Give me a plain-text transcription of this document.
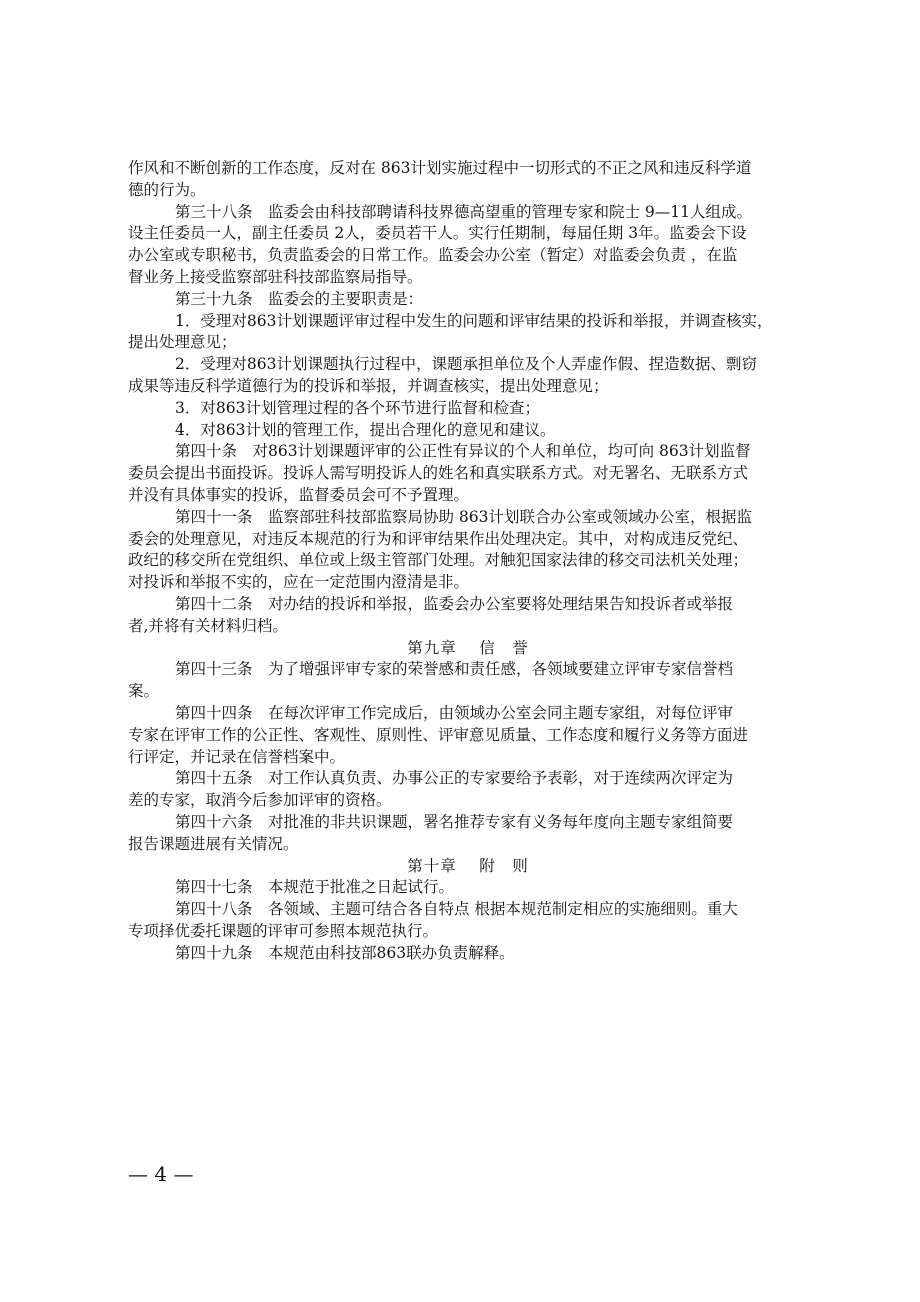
作风和不断创新的工作态度，反对在 863计划实施过程中一切形式的不正之风和违反科学道
德的行为。
第三十八条　监委会由科技部聘请科技界德高望重的管理专家和院士 9—11人组成。
设主任委员一人，副主任委员 2人，委员若干人。实行任期制，每届任期 3年。监委会下设
办公室或专职秘书，负责监委会的日常工作。监委会办公室（暂定）对监委会负责 ，在监
督业务上接受监察部驻科技部监察局指导。
第三十九条　监委会的主要职责是：
1．受理对863计划课题评审过程中发生的问题和评审结果的投诉和举报，并调查核实，
提出处理意见；
2．受理对863计划课题执行过程中，课题承担单位及个人弄虚作假、捏造数据、剽窃
成果等违反科学道德行为的投诉和举报，并调查核实，提出处理意见；
3．对863计划管理过程的各个环节进行监督和检查；
4．对863计划的管理工作，提出合理化的意见和建议。
第四十条　对863计划课题评审的公正性有异议的个人和单位，均可向 863计划监督
委员会提出书面投诉。投诉人需写明投诉人的姓名和真实联系方式。对无署名、无联系方式
并没有具体事实的投诉，监督委员会可不予置理。
第四十一条　监察部驻科技部监察局协助 863计划联合办公室或领域办公室，根据监
委会的处理意见，对违反本规范的行为和评审结果作出处理决定。其中，对构成违反党纪、
政纪的移交所在党组织、单位或上级主管部门处理。对触犯国家法律的移交司法机关处理；
对投诉和举报不实的，应在一定范围内澄清是非。
第四十二条　对办结的投诉和举报，监委会办公室要将处理结果告知投诉者或举报
者,并将有关材料归档。
第九章　 信　誉
第四十三条　为了增强评审专家的荣誉感和责任感，各领域要建立评审专家信誉档
案。
第四十四条　在每次评审工作完成后，由领域办公室会同主题专家组，对每位评审
专家在评审工作的公正性、客观性、原则性、评审意见质量、工作态度和履行义务等方面进
行评定，并记录在信誉档案中。
第四十五条　对工作认真负责、办事公正的专家要给予表彰，对于连续两次评定为
差的专家，取消今后参加评审的资格。
第四十六条　对批准的非共识课题，署名推荐专家有义务每年度向主题专家组简要
报告课题进展有关情况。
第十章　 附　则
第四十七条　本规范于批准之日起试行。
第四十八条　各领域、主题可结合各自特点 根据本规范制定相应的实施细则。重大
专项择优委托课题的评审可参照本规范执行。
第四十九条　本规范由科技部863联办负责解释。
— 4 —
